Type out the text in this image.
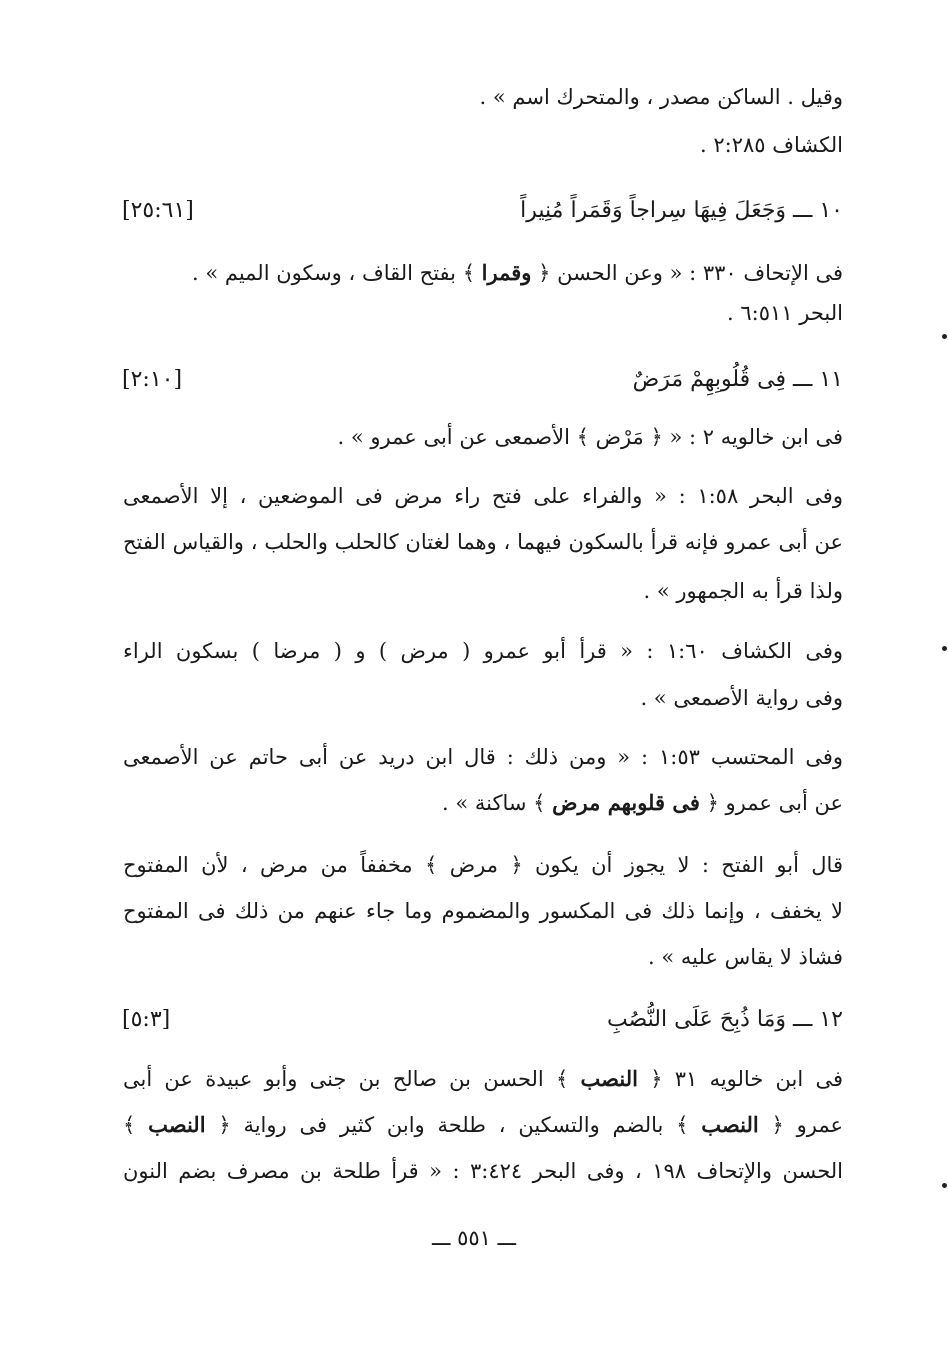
وقيل . الساكن مصدر ، والمتحرك اسم » .
الكشاف ٢:٢٨٥ .
[٢٥:٦١]	١٠ ـــ وَجَعَلَ فِيهَا سِراجاً وَقَمَراً مُنِيراً
فى الإتحاف ٣٣٠ : « وعن الحسن ﴿ وقمرا ﴾ بفتح القاف ، وسكون الميم » .
البحر ٦:٥١١ .
[٢:١٠]	١١ ـــ فِى قُلُوبِهِمْ مَرَضٌ
فى ابن خالويه ٢ : « ﴿ مَرْض ﴾ الأصمعى عن أبى عمرو » .
وفى البحر ١:٥٨ : « والفراء على فتح راء مرض فى الموضعين ، إلا الأصمعى
عن أبى عمرو فإنه قرأ بالسكون فيهما ، وهما لغتان كالحلب والحلب ، والقياس الفتح
ولذا قرأ به الجمهور » .
وفى الكشاف ١:٦٠ : « قرأ أبو عمرو ( مرض ) و ( مرضا ) بسكون الراء
وفى رواية الأصمعى » .
وفى المحتسب ١:٥٣ : « ومن ذلك : قال ابن دريد عن أبى حاتم عن الأصمعى
عن أبى عمرو ﴿ فى قلوبهم مرض ﴾ ساكنة » .
قال أبو الفتح : لا يجوز أن يكون ﴿ مرض ﴾ مخففاً من مرض ، لأن المفتوح
لا يخفف ، وإنما ذلك فى المكسور والمضموم وما جاء عنهم من ذلك فى المفتوح
فشاذ لا يقاس عليه » .
[٥:٣]	١٢ ـــ وَمَا ذُبِحَ عَلَى النُّصُبِ
فى ابن خالويه ٣١ ﴿ النصب ﴾ الحسن بن صالح بن جنى وأبو عبيدة عن أبى
عمرو ﴿ النصب ﴾ بالضم والتسكين ، طلحة وابن كثير فى رواية ﴿ النصب ﴾
الحسن والإتحاف ١٩٨ ، وفى البحر ٣:٤٢٤ : « قرأ طلحة بن مصرف بضم النون
ـــ ٥٥١ ـــ
